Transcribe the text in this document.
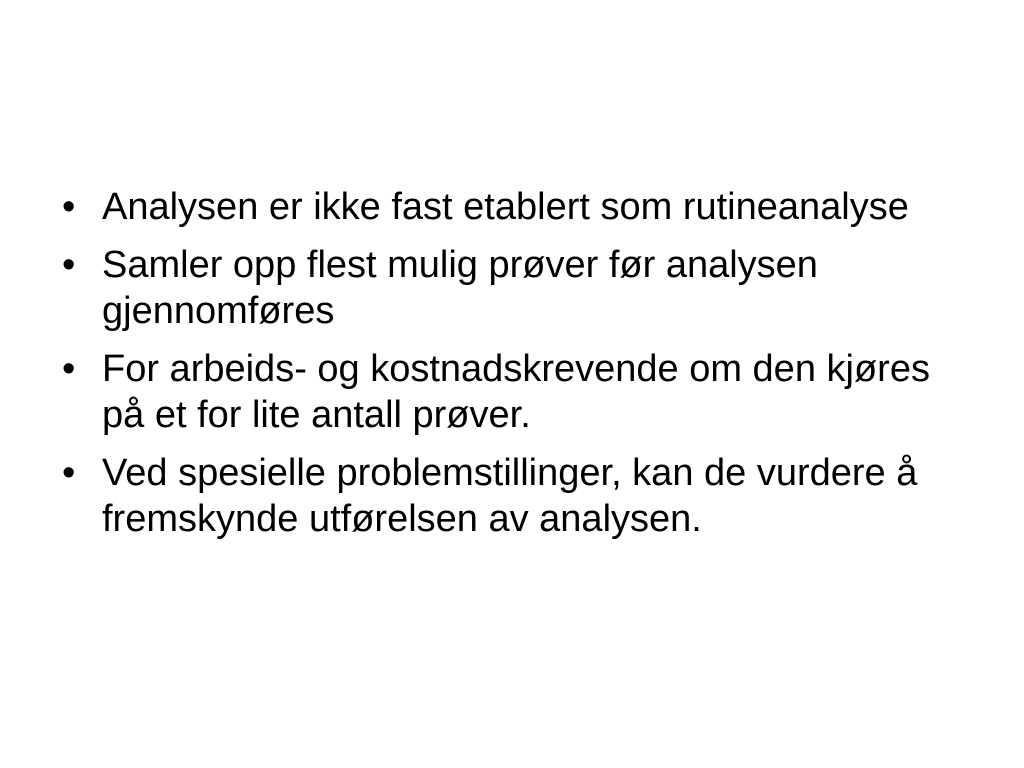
• Analysen er ikke fast etablert som rutineanalyse
• Samler opp flest mulig prøver før analysen gjennomføres
• For arbeids- og kostnadskrevende om den kjøres på et for lite antall prøver.
• Ved spesielle problemstillinger, kan de vurdere å fremskynde utførelsen av analysen.
